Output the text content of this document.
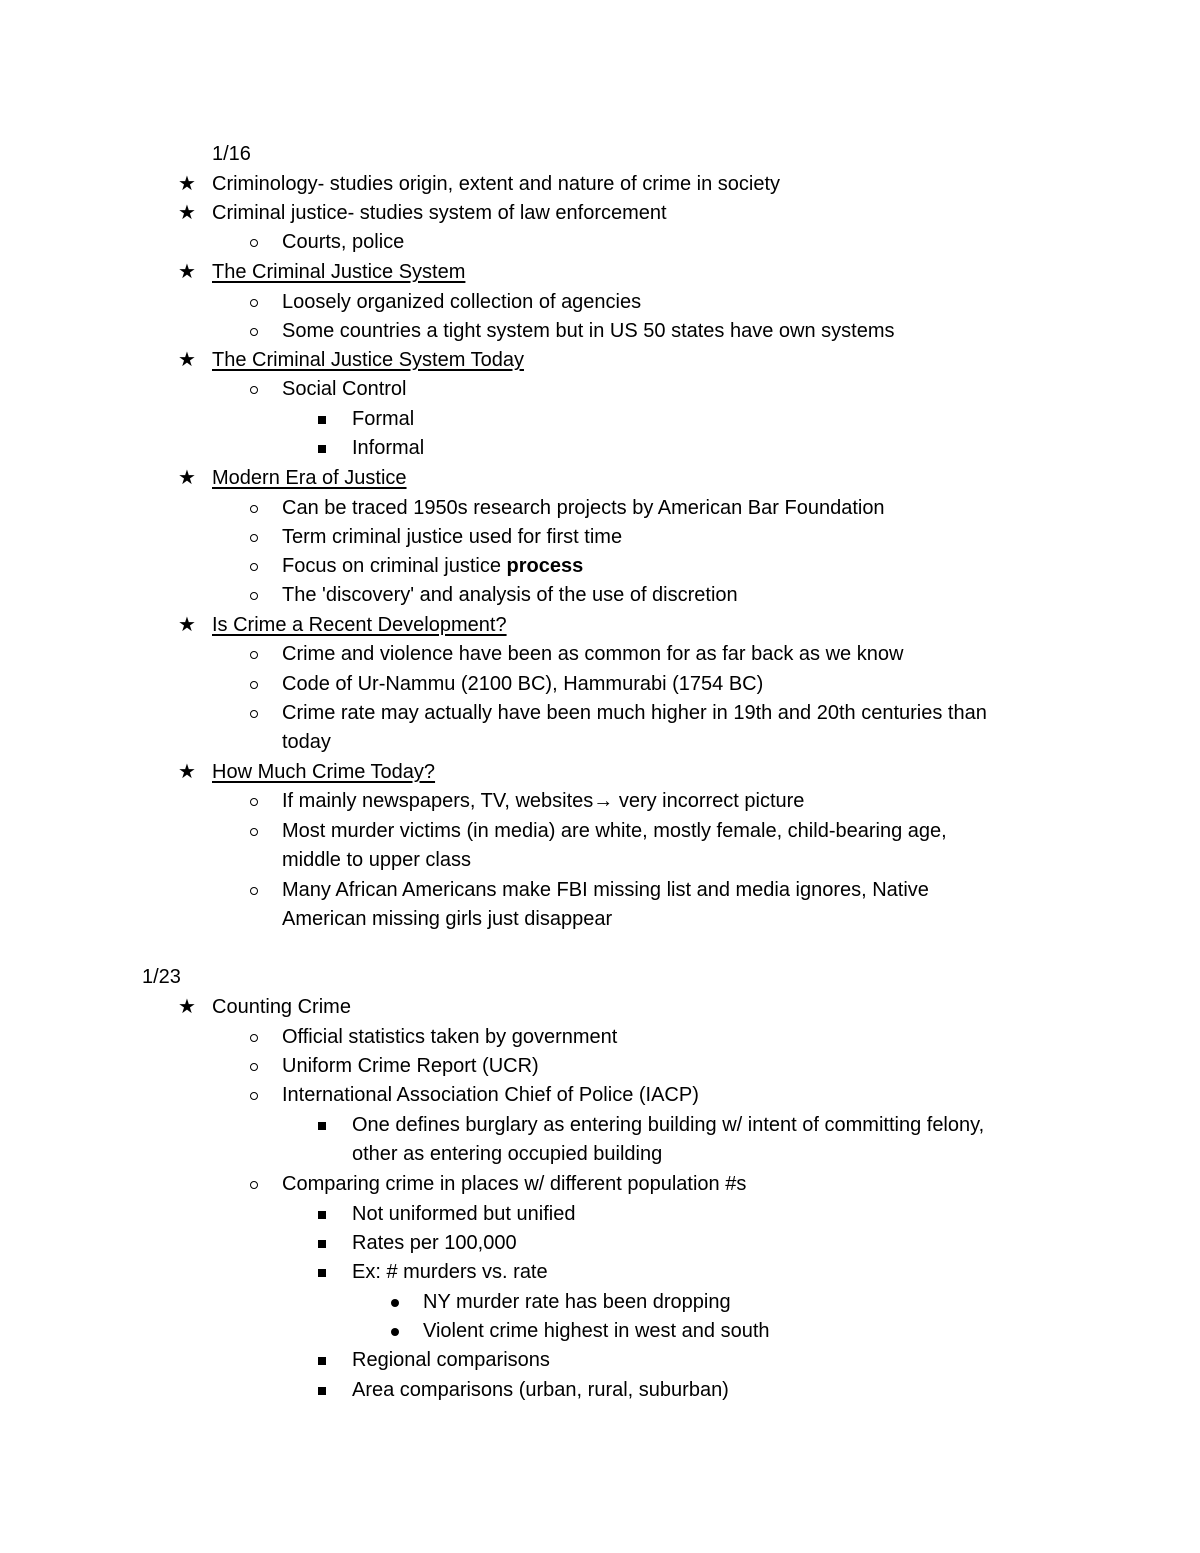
1/16
★ Criminology- studies origin, extent and nature of crime in society
★ Criminal justice- studies system of law enforcement
Courts, police
★ The Criminal Justice System
Loosely organized collection of agencies
Some countries a tight system but in US 50 states have own systems
★ The Criminal Justice System Today
Social Control
Formal
Informal
★ Modern Era of Justice
Can be traced 1950s research projects by American Bar Foundation
Term criminal justice used for first time
Focus on criminal justice process
The 'discovery' and analysis of the use of discretion
★ Is Crime a Recent Development?
Crime and violence have been as common for as far back as we know
Code of Ur-Nammu (2100 BC), Hammurabi (1754 BC)
Crime rate may actually have been much higher in 19th and 20th centuries than
today
★ How Much Crime Today?
If mainly newspapers, TV, websites→ very incorrect picture
Most murder victims (in media) are white, mostly female, child-bearing age,
middle to upper class
Many African Americans make FBI missing list and media ignores, Native
American missing girls just disappear
1/23
★ Counting Crime
Official statistics taken by government
Uniform Crime Report (UCR)
International Association Chief of Police (IACP)
One defines burglary as entering building w/ intent of committing felony,
other as entering occupied building
Comparing crime in places w/ different population #s
Not uniformed but unified
Rates per 100,000
Ex: # murders vs. rate
NY murder rate has been dropping
Violent crime highest in west and south
Regional comparisons
Area comparisons (urban, rural, suburban)
